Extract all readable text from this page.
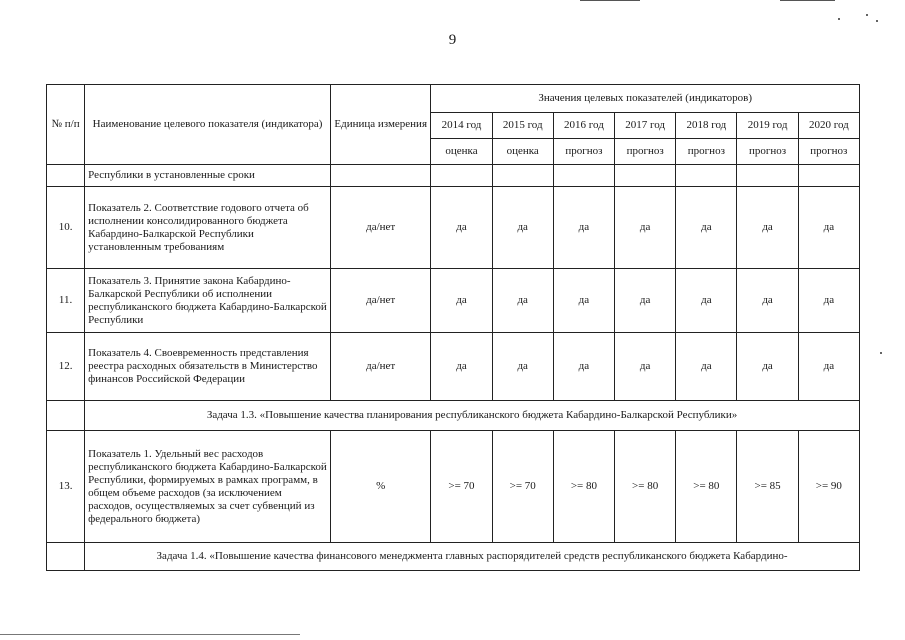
9
№ п/п	Наименование целевого показателя (индикатора)	Единица измерения	Значения целевых показателей (индикаторов)						
			2014 год	2015 год	2016 год	2017 год	2018 год	2019 год	2020 год
			оценка	оценка	прогноз	прогноз	прогноз	прогноз	прогноз
	Республики в установленные сроки								
10.	Показатель 2. Соответствие годового отчета об исполнении консолидированного бюджета Кабардино-Балкарской Республики установленным требованиям	да/нет	да	да	да	да	да	да	да
11.	Показатель 3. Принятие закона Кабардино-Балкарской Республики об исполнении республиканского бюджета Кабардино-Балкарской Республики	да/нет	да	да	да	да	да	да	да
12.	Показатель 4. Своевременность представления реестра расходных обязательств в Министерство финансов Российской Федерации	да/нет	да	да	да	да	да	да	да
	Задача 1.3. «Повышение качества планирования республиканского бюджета Кабардино-Балкарской Республики»								
13.	Показатель 1. Удельный вес расходов республиканского бюджета Кабардино-Балкарской Республики, формируемых в рамках программ, в общем объеме расходов (за исключением расходов, осуществляемых за счет субвенций из федерального бюджета)	%	>= 70	>= 70	>= 80	>= 80	>= 80	>= 85	>= 90
	Задача 1.4. «Повышение качества финансового менеджмента главных распорядителей средств республиканского бюджета Кабардино-								
